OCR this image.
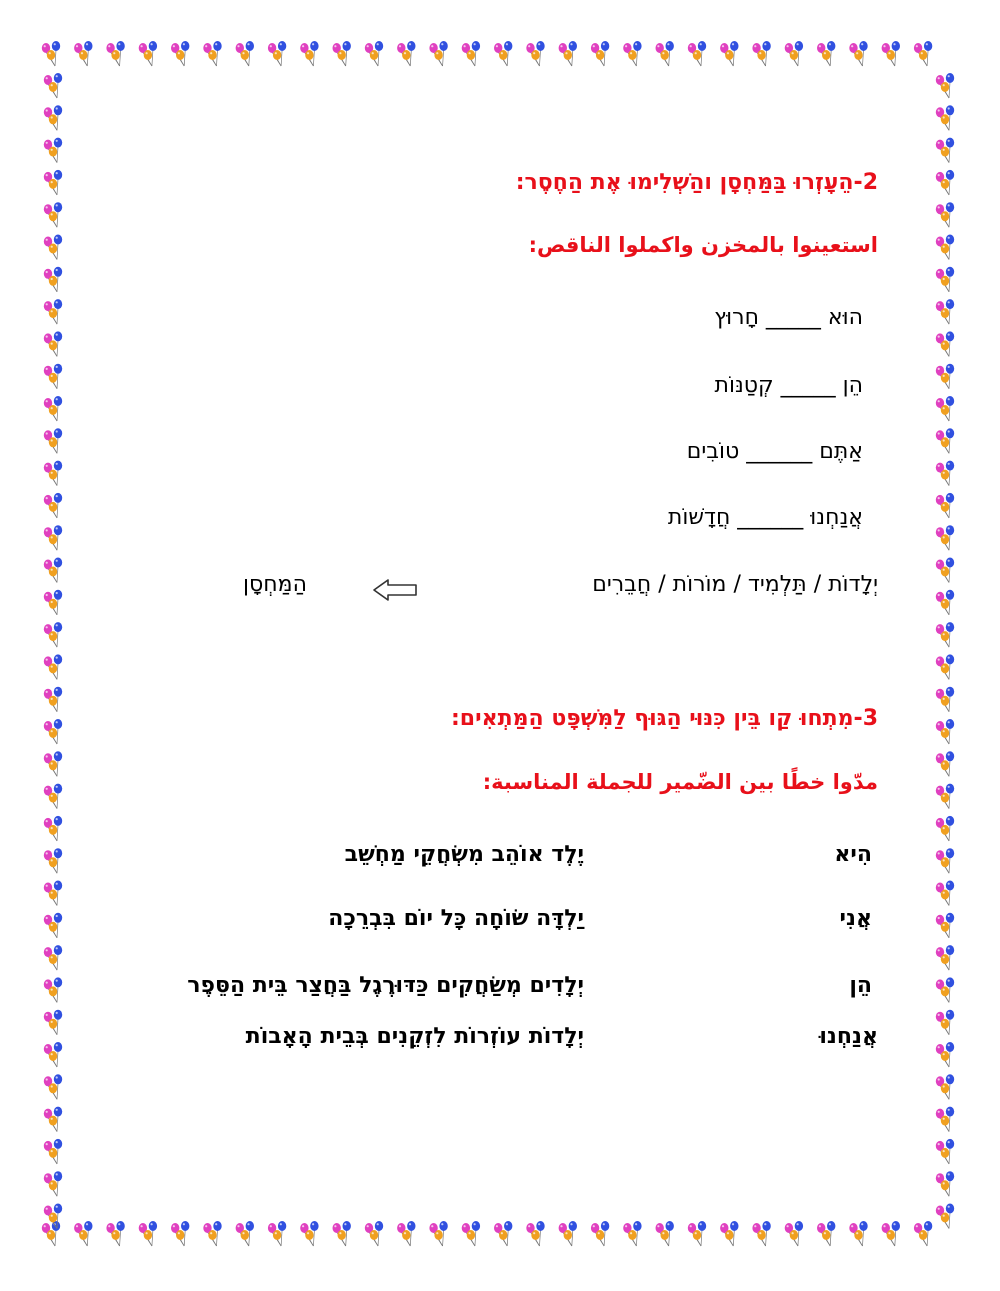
2-הֵעָזְרוּ בַּמַּחְסָן והַשְׁלִימוּ אֶת הַחֶסֶר:
استعينوا بالمخزن واكملوا الناقص:
הוּא _____ חָרוּץ
הֵן _____ קְטַנּוֹת
אַתֶּם ______ טוֹבִים
אֲנַחְנוּ ______ חֲדָשׁוֹת
יְלָדוֹת / תַּלְמִיד / מוֹרוֹת / חֲבֵרִים
הַמַּחְסָן
3-מִתְחוּ קַו בֵּין כִּנּוּי הַגּוּף לַמִּשְׁפָּט הַמַּתְאִים:
مدّوا خطًا بين الضّمير للجملة المناسبة:
הִיא
אֲנִי
הֵן
אֲנַחְנוּ
יֶלֶד אוֹהֵב מִשְׂחֲקֵי מַחְשֵׁב
יַלְדָּה שׂוֹחָה כָּל יוֹם בִּבְרֵכָה
יְלָדִים מְשַׂחֲקִים כַּדּוּרֶגֶל בַּחֲצַר בֵּית הַסֵּפֶר
יְלָדוֹת עוֹזְרוֹת לִזְקֵנִים בְּבֵית הָאָבוֹת
